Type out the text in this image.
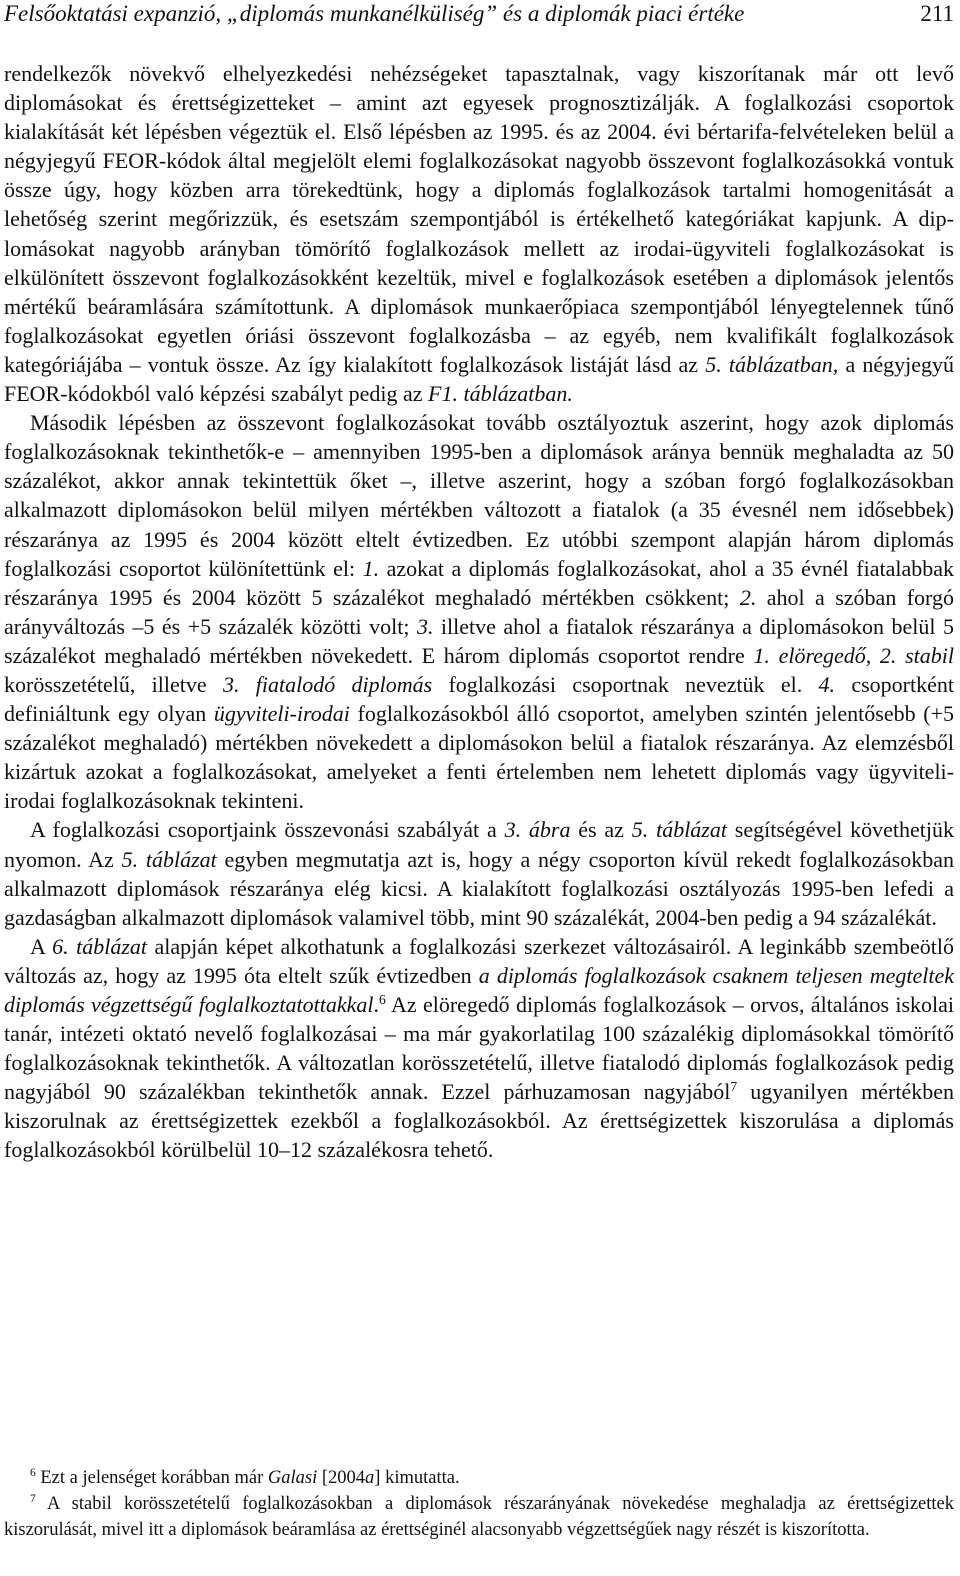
Felsőoktatási expanzió, „diplomás munkanélküliség” és a diplomák piaci értéke	211

rendelkezők növekvő elhelyezkedési nehézségeket tapasztalnak, vagy kiszorítanak már ott levő diplomásokat és érettségizetteket – amint azt egyesek prognosztizálják. A foglalkozási csoportok kialakítását két lépésben végeztük el. Első lépésben az 1995. és az 2004. évi bértarifa-felvételeken belül a négyjegyű FEOR-kódok által megjelölt elemi foglalkozásokat nagyobb összevont foglalkozásokká vontuk össze úgy, hogy közben arra törekedtünk, hogy a diplomás foglalkozások tartalmi homogenitását a lehetőség szerint megőrizzük, és esetszám szempontjából is értékelhető kategóriákat kapjunk. A diplomásokat nagyobb arányban tömörítő foglalkozások mellett az irodai-ügyviteli foglalkozásokat is elkülönített összevont foglalkozásokként kezeltük, mivel e foglalkozások esetében a diplomások jelentős mértékű beáramlására számítottunk. A diplomások munkaerőpiaca szempontjából lényegtelennek tűnő foglalkozásokat egyetlen óriási összevont foglalkozásba – az egyéb, nem kvalifikált foglalkozások kategóriájába – vontuk össze. Az így kialakított foglalkozások listáját lásd az 5. táblázatban, a négyjegyű FEOR-kódokból való képzési szabályt pedig az F1. táblázatban.

Második lépésben az összevont foglalkozásokat tovább osztályoztuk aszerint, hogy azok diplomás foglalkozásoknak tekinthetők-e – amennyiben 1995-ben a diplomások aránya bennük meghaladta az 50 százalékot, akkor annak tekintettük őket –, illetve aszerint, hogy a szóban forgó foglalkozásokban alkalmazott diplomásokon belül milyen mértékben változott a fiatalok (a 35 évesnél nem idősebbek) részaránya az 1995 és 2004 között eltelt évtizedben. Ez utóbbi szempont alapján három diplomás foglalkozási csoportot különítettünk el: 1. azokat a diplomás foglalkozásokat, ahol a 35 évnél fiatalabbak részaránya 1995 és 2004 között 5 százalékot meghaladó mértékben csökkent; 2. ahol a szóban forgó arányváltozás –5 és +5 százalék közötti volt; 3. illetve ahol a fiatalok részaránya a diplomásokon belül 5 százalékot meghaladó mértékben növekedett. E három diplomás csoportot rendre 1. elöregedő, 2. stabil korösszetételű, illetve 3. fiatalodó diplomás foglalkozási csoportnak neveztük el. 4. csoportként definiáltunk egy olyan ügyviteli-irodai foglalkozásokból álló csoportot, amelyben szintén jelentősebb (+5 százalékot meghaladó) mértékben növekedett a diplomásokon belül a fiatalok részaránya. Az elemzésből kizártuk azokat a foglalkozásokat, amelyeket a fenti értelemben nem lehetett diplomás vagy ügyviteli-irodai foglalkozásoknak tekinteni.

A foglalkozási csoportjaink összevonási szabályát a 3. ábra és az 5. táblázat segítségével követhetjük nyomon. Az 5. táblázat egyben megmutatja azt is, hogy a négy csoporton kívül rekedt foglalkozásokban alkalmazott diplomások részaránya elég kicsi. A kialakított foglalkozási osztályozás 1995-ben lefedi a gazdaságban alkalmazott diplomások valamivel több, mint 90 százalékát, 2004-ben pedig a 94 százalékát.

A 6. táblázat alapján képet alkothatunk a foglalkozási szerkezet változásairól. A leginkább szembeötlő változás az, hogy az 1995 óta eltelt szűk évtizedben a diplomás foglalkozások csaknem teljesen megteltek diplomás végzettségű foglalkoztatottakkal.$^6$ Az elöregedő diplomás foglalkozások – orvos, általános iskolai tanár, intézeti oktató nevelő foglalkozásai – ma már gyakorlatilag 100 százalékig diplomásokkal tömörítő foglalkozásoknak tekinthetők. A változatlan korösszetételű, illetve fiatalodó diplomás foglalkozások pedig nagyjából 90 százalékban tekinthetők annak. Ezzel párhuzamosan nagyjából$^7$ ugyanilyen mértékben kiszorulnak az érettségizettek ezekből a foglalkozásokból. Az érettségizettek kiszorulása a diplomás foglalkozásokból körülbelül 10–12 százalékosra tehető.

$^6$ Ezt a jelenséget korábban már Galasi [2004a] kimutatta.

$^7$ A stabil korösszetételű foglalkozásokban a diplomások részarányának növekedése meghaladja az érettségizettek kiszorulását, mivel itt a diplomások beáramlása az érettséginél alacsonyabb végzettségűek nagy részét is kiszorította.
